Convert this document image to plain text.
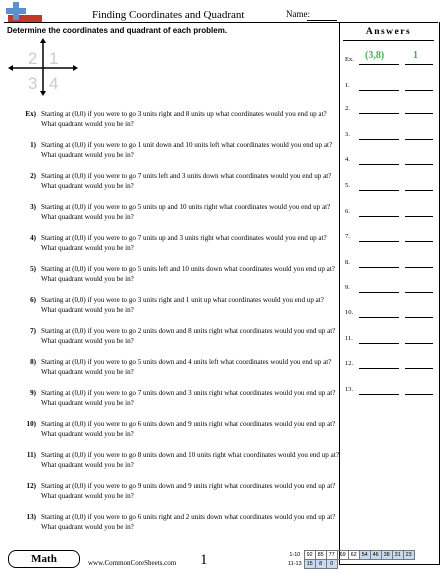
Finding Coordinates and Quadrant	Name:
Determine the coordinates and quadrant of each problem.
2 1
3 4
Ex) Starting at (0,0) if you were to go 3 units right and 8 units up what coordinates would you end up at? What quadrant would you be in?
1) Starting at (0,0) if you were to go 1 unit down and 10 units left what coordinates would you end up at? What quadrant would you be in?
2) Starting at (0,0) if you were to go 7 units left and 3 units down what coordinates would you end up at? What quadrant would you be in?
3) Starting at (0,0) if you were to go 5 units up and 10 units right what coordinates would you end up at? What quadrant would you be in?
4) Starting at (0,0) if you were to go 7 units up and 3 units right what coordinates would you end up at? What quadrant would you be in?
5) Starting at (0,0) if you were to go 5 units left and 10 units down what coordinates would you end up at? What quadrant would you be in?
6) Starting at (0,0) if you were to go 3 units right and 1 unit up what coordinates would you end up at? What quadrant would you be in?
7) Starting at (0,0) if you were to go 2 units down and 8 units right what coordinates would you end up at? What quadrant would you be in?
8) Starting at (0,0) if you were to go 5 units down and 4 units left what coordinates would you end up at? What quadrant would you be in?
9) Starting at (0,0) if you were to go 7 units down and 3 units right what coordinates would you end up at? What quadrant would you be in?
10) Starting at (0,0) if you were to go 6 units down and 9 units right what coordinates would you end up at? What quadrant would you be in?
11) Starting at (0,0) if you were to go 8 units down and 10 units right what coordinates would you end up at? What quadrant would you be in?
12) Starting at (0,0) if you were to go 9 units down and 9 units right what coordinates would you end up at? What quadrant would you be in?
13) Starting at (0,0) if you were to go 6 units right and 2 units down what coordinates would you end up at? What quadrant would you be in?
Answers
Ex. (3,8)	1
1.
2.
3.
4.
5.
6.
7.
8.
9.
10.
11.
12.
13.
Math	www.CommonCoreSheets.com 1	1-10	92	85	77	69	62	54	46	38	31	23
11-13	15	8	0							
